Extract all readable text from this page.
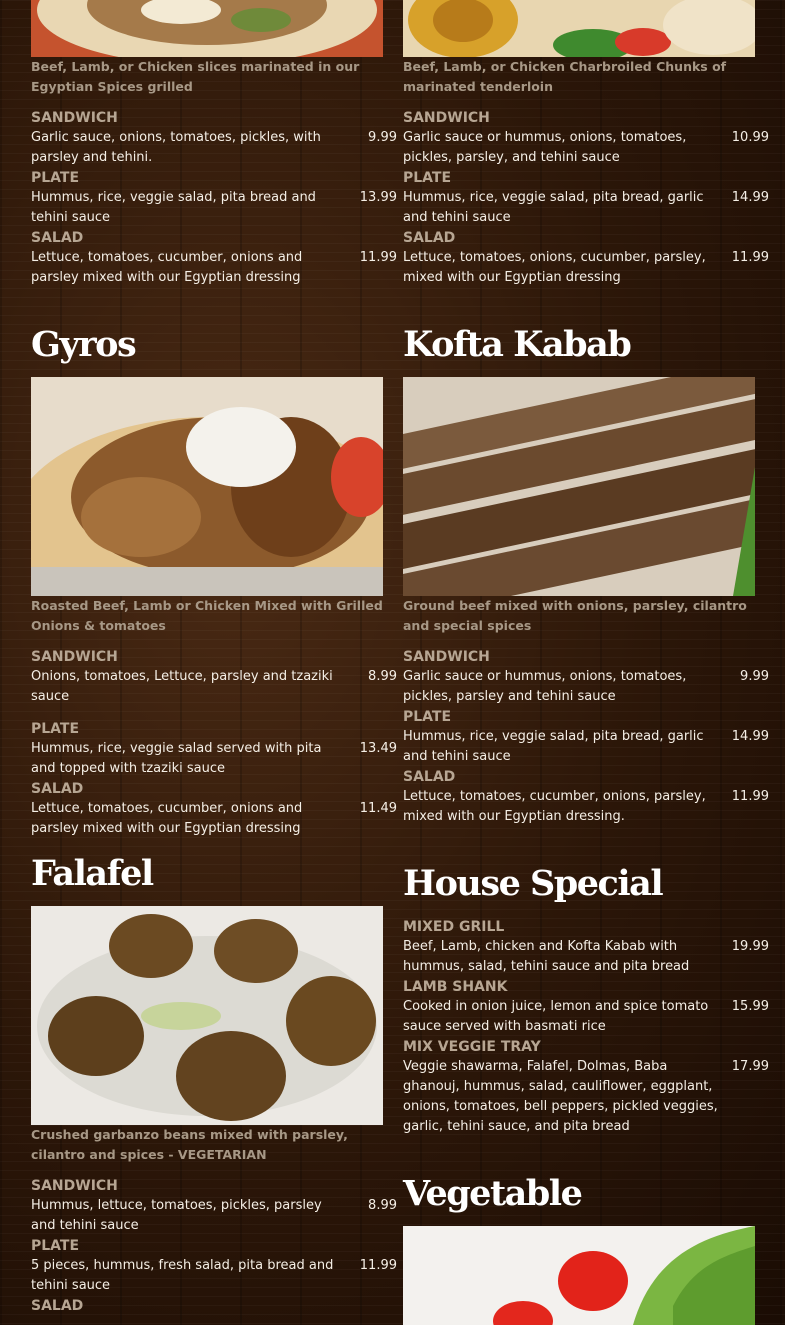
Beef, Lamb, or Chicken slices marinated in our Egyptian Spices grilled
Beef, Lamb, or Chicken Charbroiled Chunks of marinated tenderloin
SANDWICH
Garlic sauce, onions, tomatoes, pickles, with parsley and tehini.
9.99
PLATE
Hummus, rice, veggie salad, pita bread and tehini sauce
13.99
SALAD
Lettuce, tomatoes, cucumber, onions and parsley mixed with our Egyptian dressing
11.99
SANDWICH
Garlic sauce or hummus, onions, tomatoes, pickles, parsley, and tehini sauce
10.99
PLATE
Hummus, rice, veggie salad, pita bread, garlic and tehini sauce
14.99
SALAD
Lettuce, tomatoes, onions, cucumber, parsley, mixed with our Egyptian dressing
11.99
Gyros
Roasted Beef, Lamb or Chicken Mixed with Grilled Onions & tomatoes
SANDWICH
Onions, tomatoes, Lettuce, parsley and tzaziki sauce
8.99
PLATE
Hummus, rice, veggie salad served with pita and topped with tzaziki sauce
13.49
SALAD
Lettuce, tomatoes, cucumber, onions and parsley mixed with our Egyptian dressing
11.49
Kofta Kabab
Ground beef mixed with onions, parsley, cilantro and special spices
SANDWICH
Garlic sauce or hummus, onions, tomatoes, pickles, parsley and tehini sauce
9.99
PLATE
Hummus, rice, veggie salad, pita bread, garlic and tehini sauce
14.99
SALAD
Lettuce, tomatoes, cucumber, onions, parsley, mixed with our Egyptian dressing.
11.99
Falafel
Crushed garbanzo beans mixed with parsley, cilantro and spices - VEGETARIAN
SANDWICH
Hummus, lettuce, tomatoes, pickles, parsley and tehini sauce
8.99
PLATE
5 pieces, hummus, fresh salad, pita bread and tehini sauce
11.99
SALAD
House Special
MIXED GRILL
Beef, Lamb, chicken and Kofta Kabab with hummus, salad, tehini sauce and pita bread
19.99
LAMB SHANK
Cooked in onion juice, lemon and spice tomato sauce served with basmati rice
15.99
MIX VEGGIE TRAY
Veggie shawarma, Falafel, Dolmas, Baba ghanouj, hummus, salad, cauliflower, eggplant, onions, tomatoes, bell peppers, pickled veggies, garlic, tehini sauce, and pita bread
17.99
Vegetable
